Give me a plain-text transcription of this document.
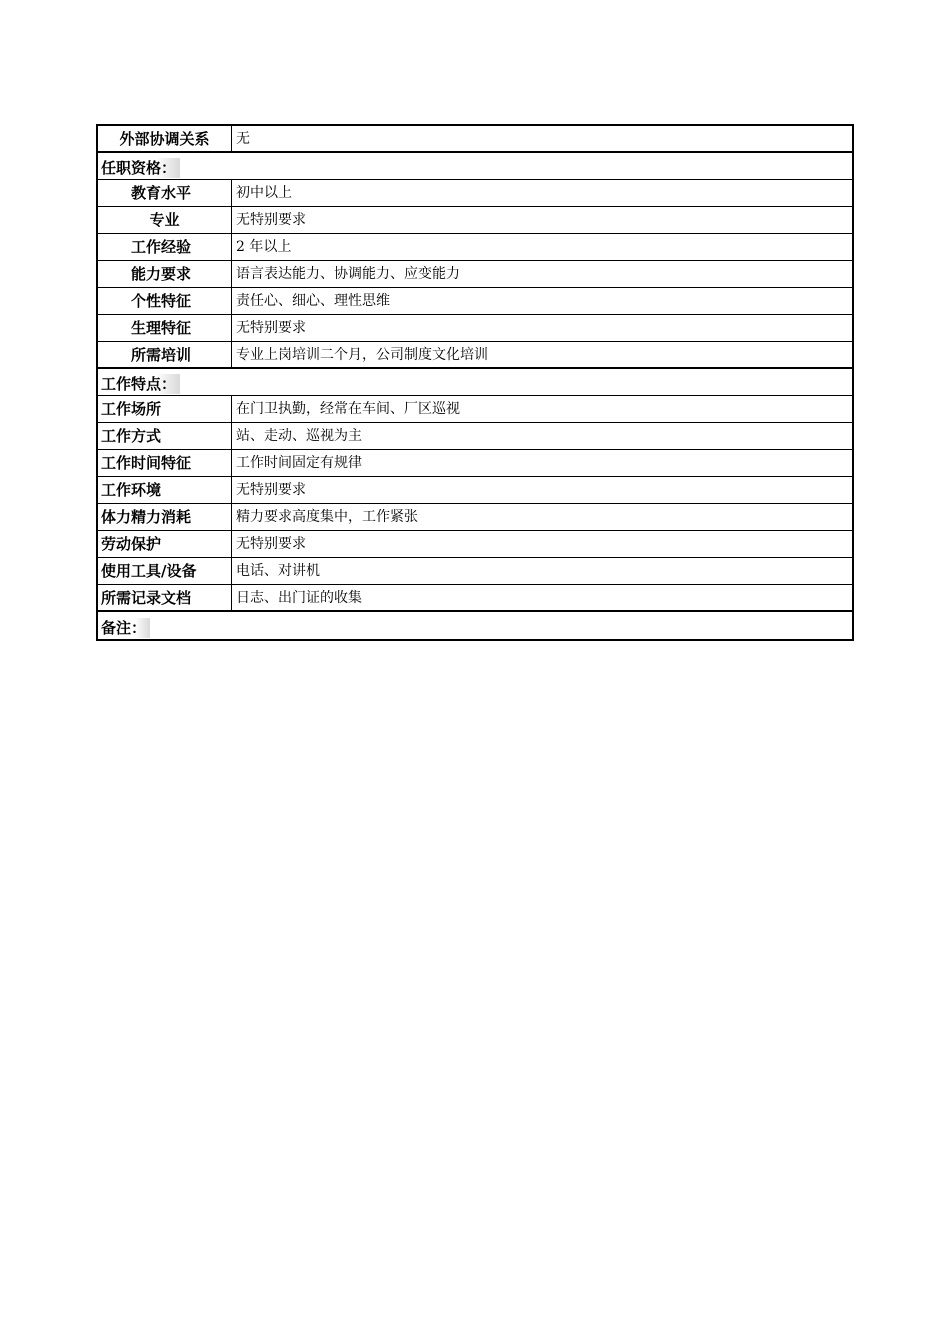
外部协调关系	无
任职资格：
教育水平	初中以上
专业	无特别要求
工作经验	2 年以上
能力要求	语言表达能力、协调能力、应变能力
个性特征	责任心、细心、理性思维
生理特征	无特别要求
所需培训	专业上岗培训二个月，公司制度文化培训
工作特点：
工作场所	在门卫执勤，经常在车间、厂区巡视
工作方式	站、走动、巡视为主
工作时间特征	工作时间固定有规律
工作环境	无特别要求
体力精力消耗	精力要求高度集中，工作紧张
劳动保护	无特别要求
使用工具/设备	电话、对讲机
所需记录文档	日志、出门证的收集
备注：
